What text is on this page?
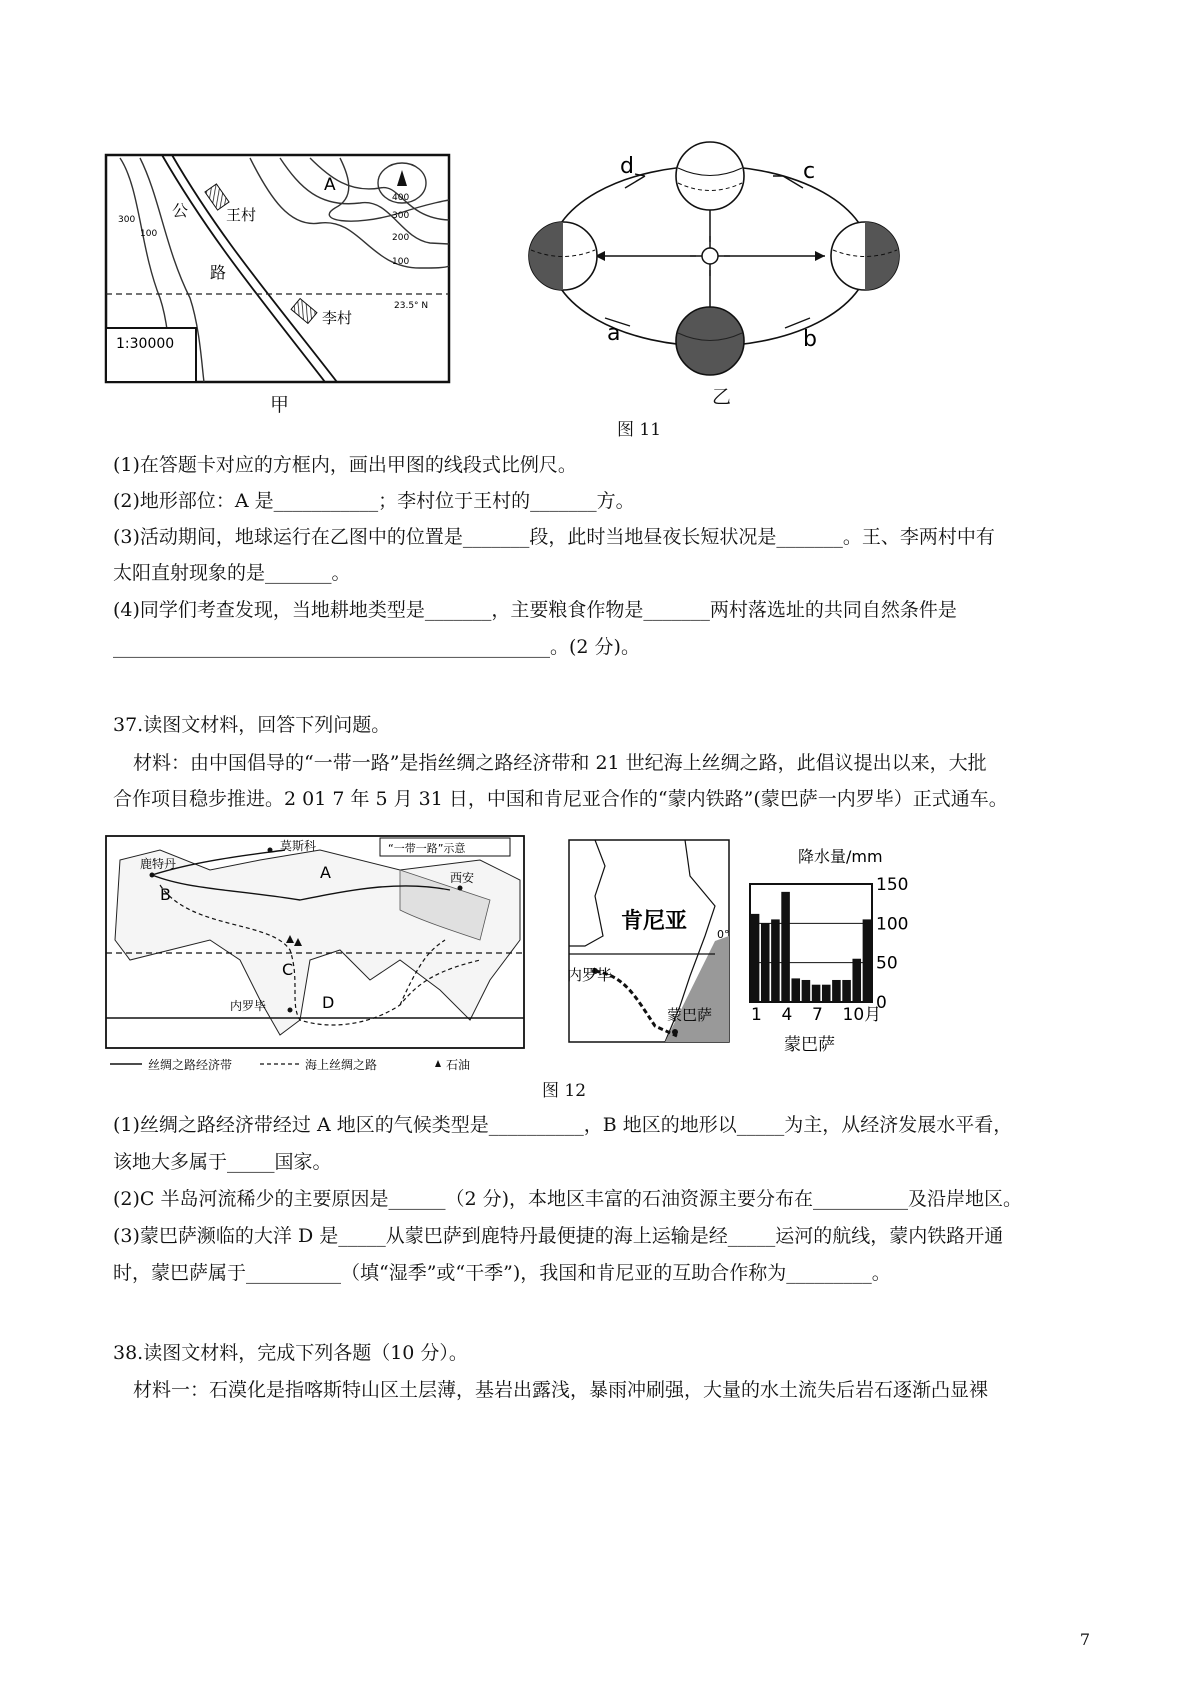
A
公
路
王村
李村
400
300
200
100
300
100
23.5° N
1:30000
甲
d	c
a	b
乙
图 11
(1)在答题卡对应的方框内，画出甲图的线段式比例尺。
(2)地形部位：A 是___________；李村位于王村的_______方。
(3)活动期间，地球运行在乙图中的位置是_______段，此时当地昼夜长短状况是_______。王、李两村中有
太阳直射现象的是_______。
(4)同学们考查发现，当地耕地类型是_______，主要粮食作物是_______两村落选址的共同自然条件是
______________________________________________。(2 分)。
37.读图文材料，回答下列问题。
材料：由中国倡导的“一带一路”是指丝绸之路经济带和 21 世纪海上丝绸之路，此倡议提出以来，大批
合作项目稳步推进。2 01 7 年 5 月 31 日，中国和肯尼亚合作的“蒙内铁路”(蒙巴萨一内罗毕）正式通车。
“一带一路”示意
鹿特丹
莫斯科
西安
内罗毕
A
B
C
D
丝绸之路经济带	海上丝绸之路	石油
肯尼亚
0°
内罗毕
蒙巴萨
降水量/mm
0
50
100
150
1 4 7 10月
蒙巴萨
图 12
(1)丝绸之路经济带经过 A 地区的气候类型是__________，B 地区的地形以_____为主，从经济发展水平看，
该地大多属于_____国家。
(2)C 半岛河流稀少的主要原因是______（2 分)，本地区丰富的石油资源主要分布在__________及沿岸地区。
(3)蒙巴萨濒临的大洋 D 是_____从蒙巴萨到鹿特丹最便捷的海上运输是经_____运河的航线，蒙内铁路开通
时，蒙巴萨属于__________（填“湿季”或“干季”)，我国和肯尼亚的互助合作称为_________。
38.读图文材料，完成下列各题（10 分）。
材料一：石漠化是指喀斯特山区土层薄，基岩出露浅，暴雨冲刷强，大量的水土流失后岩石逐渐凸显裸
7
